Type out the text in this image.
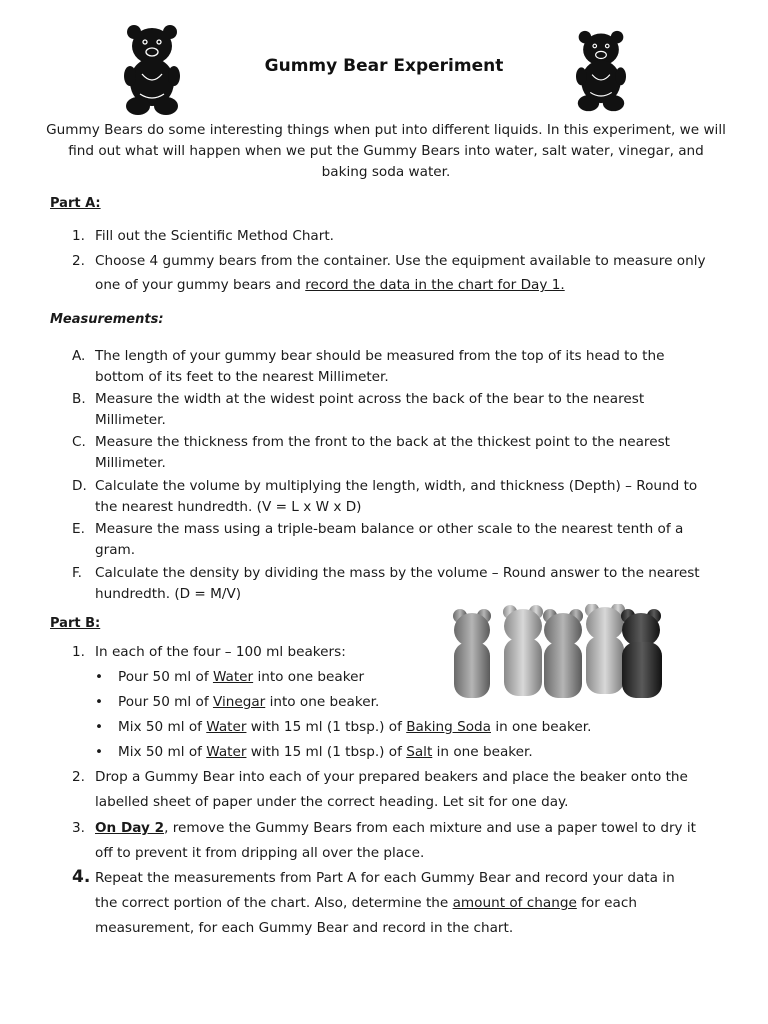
Gummy Bear Experiment
Gummy Bears do some interesting things when put into different liquids. In this experiment, we will find out what will happen when we put the Gummy Bears into water, salt water, vinegar, and baking soda water.
Part A:
1. Fill out the Scientific Method Chart.
2. Choose 4 gummy bears from the container. Use the equipment available to measure only
one of your gummy bears and record the data in the chart for Day 1.
Measurements:
A. The length of your gummy bear should be measured from the top of its head to the
bottom of its feet to the nearest Millimeter.
B. Measure the width at the widest point across the back of the bear to the nearest
Millimeter.
C. Measure the thickness from the front to the back at the thickest point to the nearest
Millimeter.
D. Calculate the volume by multiplying the length, width, and thickness (Depth) – Round to
the nearest hundredth. (V = L x W x D)
E. Measure the mass using a triple-beam balance or other scale to the nearest tenth of a
gram.
F. Calculate the density by dividing the mass by the volume – Round answer to the nearest
hundredth. (D = M/V)
Part B:
1. In each of the four – 100 ml beakers:
• Pour 50 ml of Water into one beaker
• Pour 50 ml of Vinegar into one beaker.
• Mix 50 ml of Water with 15 ml (1 tbsp.) of Baking Soda in one beaker.
• Mix 50 ml of Water with 15 ml (1 tbsp.) of Salt in one beaker.
2. Drop a Gummy Bear into each of your prepared beakers and place the beaker onto the
labelled sheet of paper under the correct heading. Let sit for one day.
3. On Day 2, remove the Gummy Bears from each mixture and use a paper towel to dry it
off to prevent it from dripping all over the place.
4. Repeat the measurements from Part A for each Gummy Bear and record your data in
the correct portion of the chart. Also, determine the amount of change for each
measurement, for each Gummy Bear and record in the chart.
